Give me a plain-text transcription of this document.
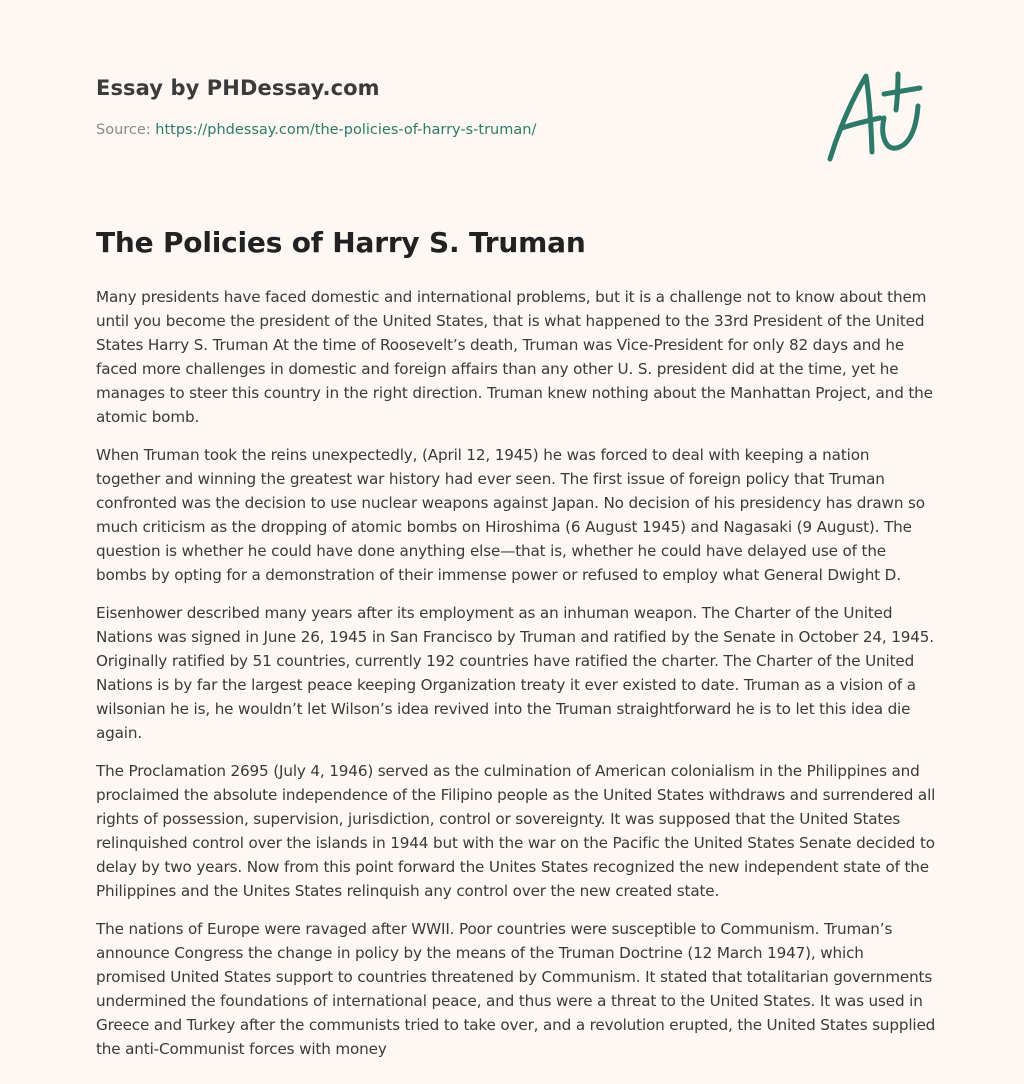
Essay by PHDessay.com
Source: https://phdessay.com/the-policies-of-harry-s-truman/
The Policies of Harry S. Truman

Many presidents have faced domestic and international problems, but it is a challenge not to know about them until you become the president of the United States, that is what happened to the 33rd President of the United States Harry S. Truman At the time of Roosevelt’s death, Truman was Vice-President for only 82 days and he faced more challenges in domestic and foreign affairs than any other U. S. president did at the time, yet he manages to steer this country in the right direction. Truman knew nothing about the Manhattan Project, and the atomic bomb.

When Truman took the reins unexpectedly, (April 12, 1945) he was forced to deal with keeping a nation together and winning the greatest war history had ever seen. The first issue of foreign policy that Truman confronted was the decision to use nuclear weapons against Japan. No decision of his presidency has drawn so much criticism as the dropping of atomic bombs on Hiroshima (6 August 1945) and Nagasaki (9 August). The question is whether he could have done anything else—that is, whether he could have delayed use of the bombs by opting for a demonstration of their immense power or refused to employ what General Dwight D.

Eisenhower described many years after its employment as an inhuman weapon. The Charter of the United Nations was signed in June 26, 1945 in San Francisco by Truman and ratified by the Senate in October 24, 1945. Originally ratified by 51 countries, currently 192 countries have ratified the charter. The Charter of the United Nations is by far the largest peace keeping Organization treaty it ever existed to date. Truman as a vision of a wilsonian he is, he wouldn’t let Wilson’s idea revived into the Truman straightforward he is to let this idea die again.

The Proclamation 2695 (July 4, 1946) served as the culmination of American colonialism in the Philippines and proclaimed the absolute independence of the Filipino people as the United States withdraws and surrendered all rights of possession, supervision, jurisdiction, control or sovereignty. It was supposed that the United States relinquished control over the islands in 1944 but with the war on the Pacific the United States Senate decided to delay by two years. Now from this point forward the Unites States recognized the new independent state of the Philippines and the Unites States relinquish any control over the new created state.

The nations of Europe were ravaged after WWII. Poor countries were susceptible to Communism. Truman’s announce Congress the change in policy by the means of the Truman Doctrine (12 March 1947), which promised United States support to countries threatened by Communism. It stated that totalitarian governments undermined the foundations of international peace, and thus were a threat to the United States. It was used in Greece and Turkey after the communists tried to take over, and a revolution erupted, the United States supplied the anti-Communist forces with money
